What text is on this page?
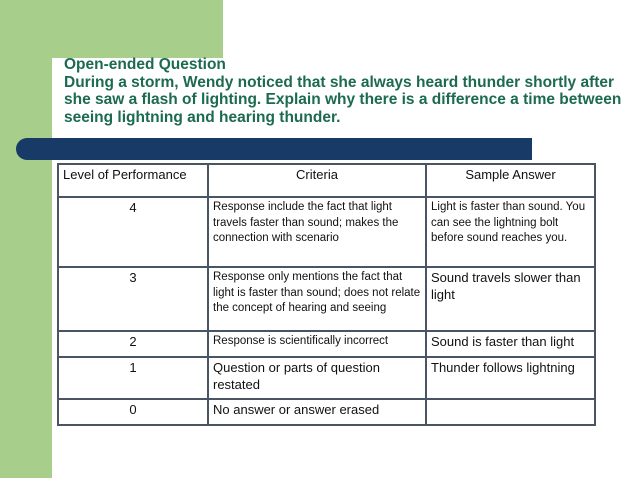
Open-ended Question
During a storm, Wendy noticed that she always heard thunder shortly after she saw a flash of lighting. Explain why there is a difference a time between seeing lightning and hearing thunder.
Level of Performance	Criteria	Sample Answer
4	Response include the fact that light travels faster than sound; makes the connection with scenario	Light is faster than sound. You can see the lightning bolt before sound reaches you.
3	Response only mentions the fact that light is faster than sound; does not relate the concept of hearing and seeing	Sound travels slower than light
2	Response is scientifically incorrect	Sound is faster than light
1	Question or parts of question restated	Thunder follows lightning
0	No answer or answer erased	
